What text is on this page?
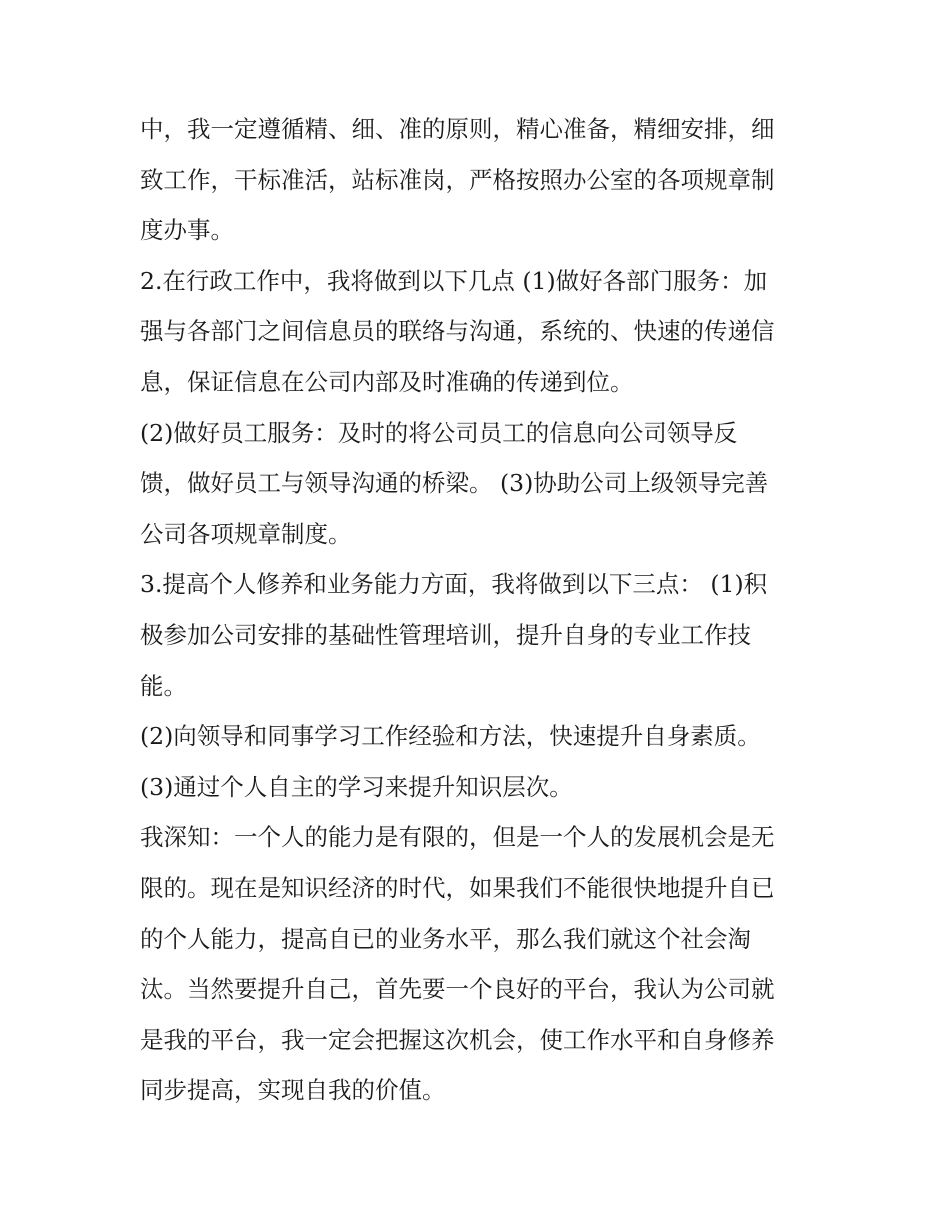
中，我一定遵循精、细、准的原则，精心准备，精细安排，细
致工作，干标准活，站标准岗，严格按照办公室的各项规章制
度办事。
2.在行政工作中，我将做到以下几点 (1)做好各部门服务：加
强与各部门之间信息员的联络与沟通，系统的、快速的传递信
息，保证信息在公司内部及时准确的传递到位。
(2)做好员工服务：及时的将公司员工的信息向公司领导反
馈，做好员工与领导沟通的桥梁。 (3)协助公司上级领导完善
公司各项规章制度。
3.提高个人修养和业务能力方面，我将做到以下三点： (1)积
极参加公司安排的基础性管理培训，提升自身的专业工作技
能。
(2)向领导和同事学习工作经验和方法，快速提升自身素质。
(3)通过个人自主的学习来提升知识层次。
我深知：一个人的能力是有限的，但是一个人的发展机会是无
限的。现在是知识经济的时代，如果我们不能很快地提升自已
的个人能力，提高自已的业务水平，那么我们就这个社会淘
汰。当然要提升自己，首先要一个良好的平台，我认为公司就
是我的平台，我一定会把握这次机会，使工作水平和自身修养
同步提高，实现自我的价值。
